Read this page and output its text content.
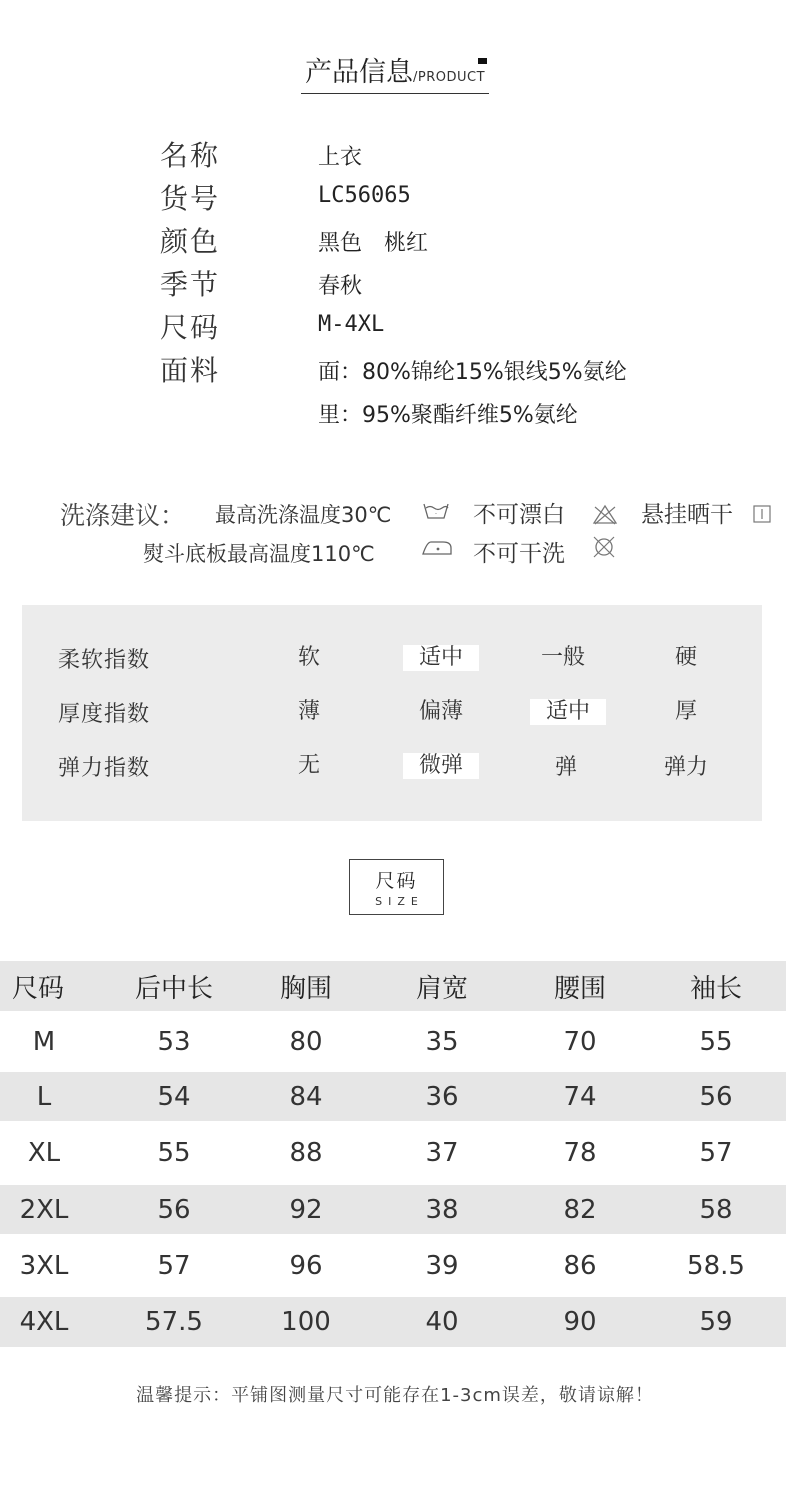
产品信息/PRODUCT
名称	上衣
货号	LC56065
颜色	黑色　桃红
季节	春秋
尺码	M-4XL
面料	面：80%锦纶15%银线5%氨纶
里：95%聚酯纤维5%氨纶
洗涤建议： 最高洗涤温度30℃	· 不可漂白	悬挂晒干
熨斗底板最高温度110℃	不可干洗
柔软指数	软	适中	一般	硬
厚度指数	薄	偏薄	适中	厚
弹力指数	无	微弹	弹	弹力
尺码
SIZE
尺码	后中长	胸围	肩宽	腰围	袖长
M	53	80	35	70	55
L	54	84	36	74	56
XL	55	88	37	78	57
2XL	56	92	38	82	58
3XL	57	96	39	86	58.5
4XL	57.5	100	40	90	59
温馨提示：平铺图测量尺寸可能存在1-3cm误差，敬请谅解！
